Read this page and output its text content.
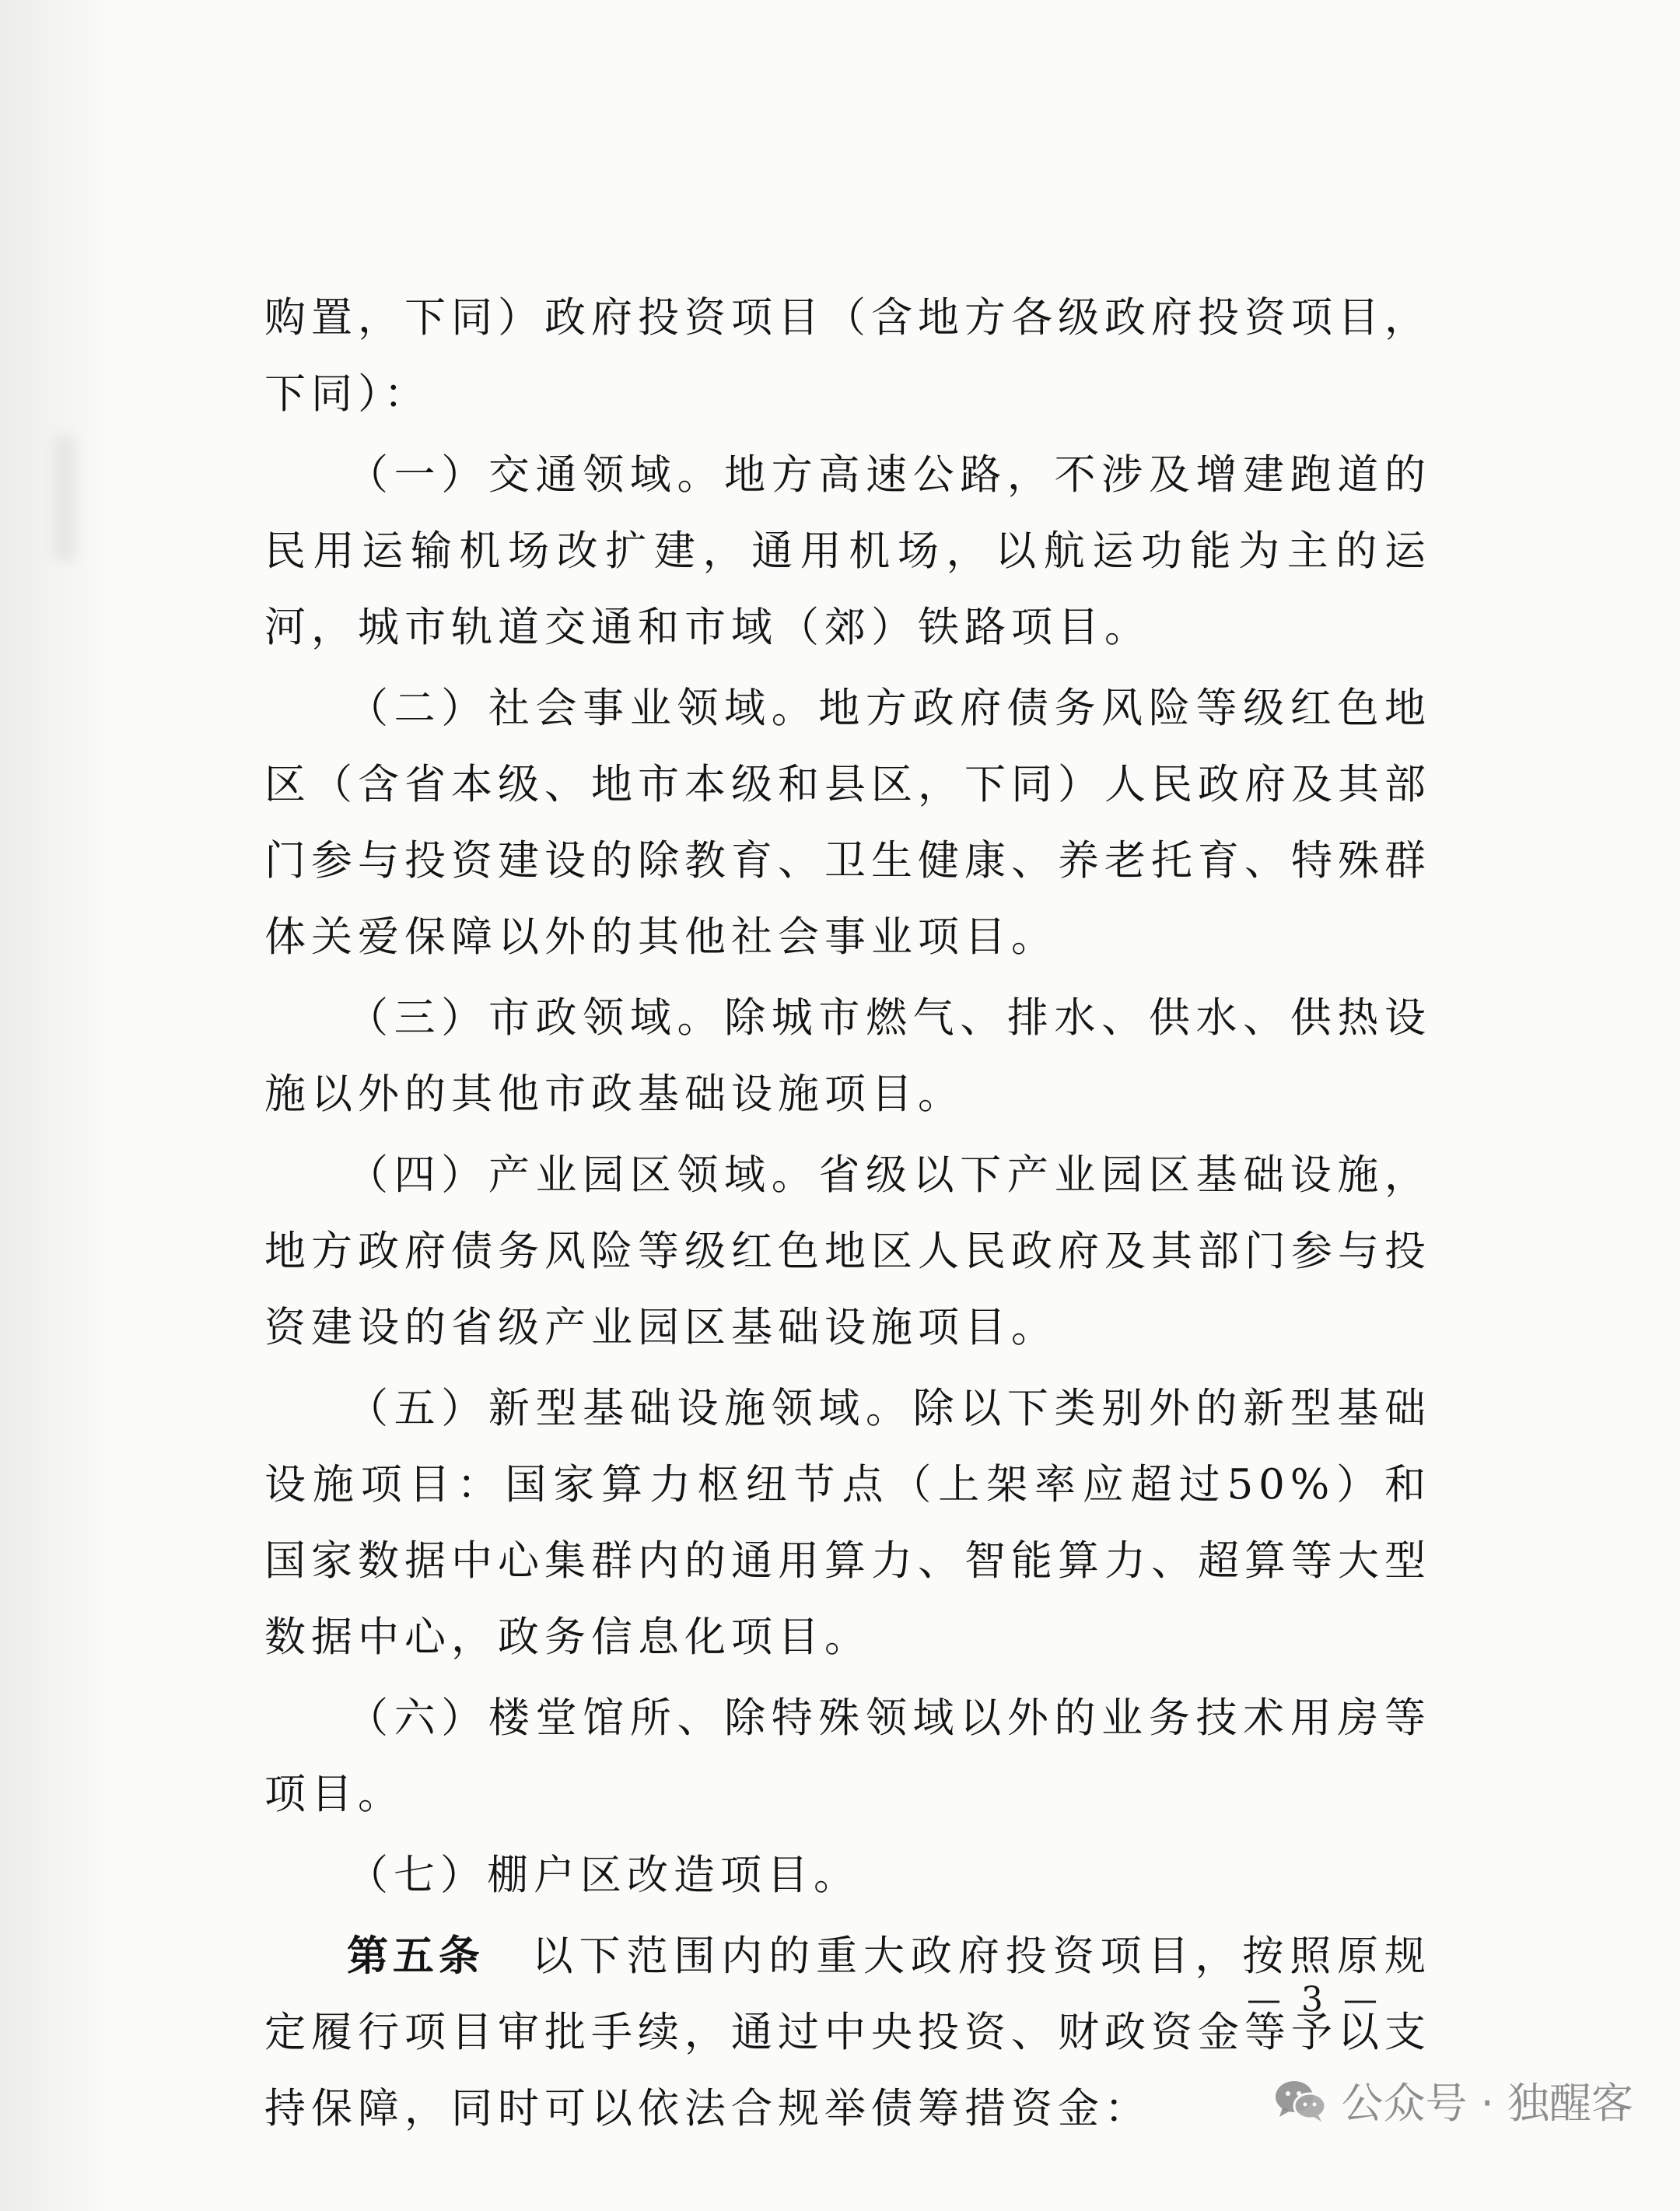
购置，下同）政府投资项目（含地方各级政府投资项目，下同）：

（一）交通领域。地方高速公路，不涉及增建跑道的民用运输机场改扩建，通用机场，以航运功能为主的运河，城市轨道交通和市域（郊）铁路项目。

（二）社会事业领域。地方政府债务风险等级红色地区（含省本级、地市本级和县区，下同）人民政府及其部门参与投资建设的除教育、卫生健康、养老托育、特殊群体关爱保障以外的其他社会事业项目。

（三）市政领域。除城市燃气、排水、供水、供热设施以外的其他市政基础设施项目。

（四）产业园区领域。省级以下产业园区基础设施，地方政府债务风险等级红色地区人民政府及其部门参与投资建设的省级产业园区基础设施项目。

（五）新型基础设施领域。除以下类别外的新型基础设施项目：国家算力枢纽节点（上架率应超过50%）和国家数据中心集群内的通用算力、智能算力、超算等大型数据中心，政务信息化项目。

（六）楼堂馆所、除特殊领域以外的业务技术用房等项目。

（七）棚户区改造项目。

第五条 以下范围内的重大政府投资项目，按照原规定履行项目审批手续，通过中央投资、财政资金等予以支持保障，同时可以依法合规举债筹措资金：

— 3 —
公众号 · 独醒客
